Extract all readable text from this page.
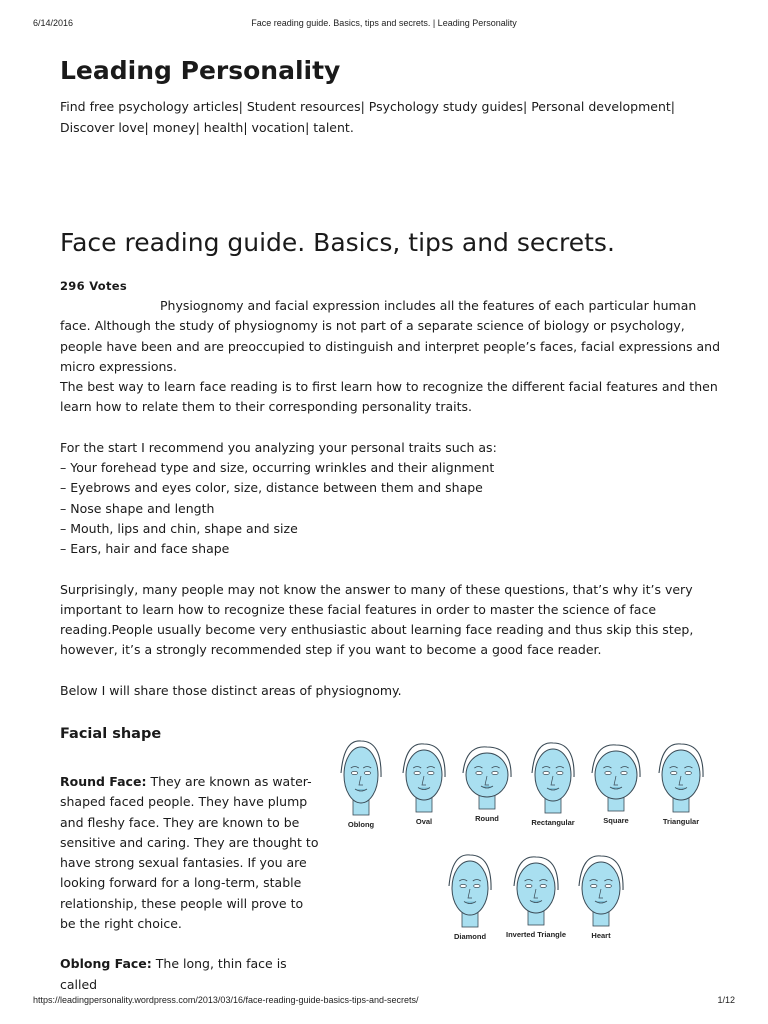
6/14/2016	Face reading guide. Basics, tips and secrets. | Leading Personality
Leading Personality
Find free psychology articles| Student resources| Psychology study guides| Personal development|
Discover love| money| health| vocation| talent.
Face reading guide. Basics, tips and secrets.
296 Votes

Physiognomy and facial expression includes all the features of each particular human face. Although the study of physiognomy is not part of a separate science of biology or psychology, people have been and are preoccupied to distinguish and interpret people’s faces, facial expressions and micro expressions.

The best way to learn face reading is to first learn how to recognize the different facial features and then learn how to relate them to their corresponding personality traits.

For the start I recommend you analyzing your personal traits such as:

– Your forehead type and size, occurring wrinkles and their alignment

– Eyebrows and eyes color, size, distance between them and shape

– Nose shape and length

– Mouth, lips and chin, shape and size

– Ears, hair and face shape

Surprisingly, many people may not know the answer to many of these questions, that’s why it’s very important to learn how to recognize these facial features in order to master the science of face reading.People usually become very enthusiastic about learning face reading and thus skip this step, however, it’s a strongly recommended step if you want to become a good face reader.

Below I will share those distinct areas of physiognomy.

Facial shape

Round Face: They are known as water-shaped faced people. They have plump and fleshy face. They are known to be sensitive and caring. They are thought to have strong sexual fantasies. If you are looking forward for a long-term, stable relationship, these people will prove to be the right choice.

Oblong Face: The long, thin face is called

Oblong	Oval	Round	Rectangular	Square	Triangular
Diamond	Inverted Triangle	Heart
https://leadingpersonality.wordpress.com/2013/03/16/face-reading-guide-basics-tips-and-secrets/	1/12
